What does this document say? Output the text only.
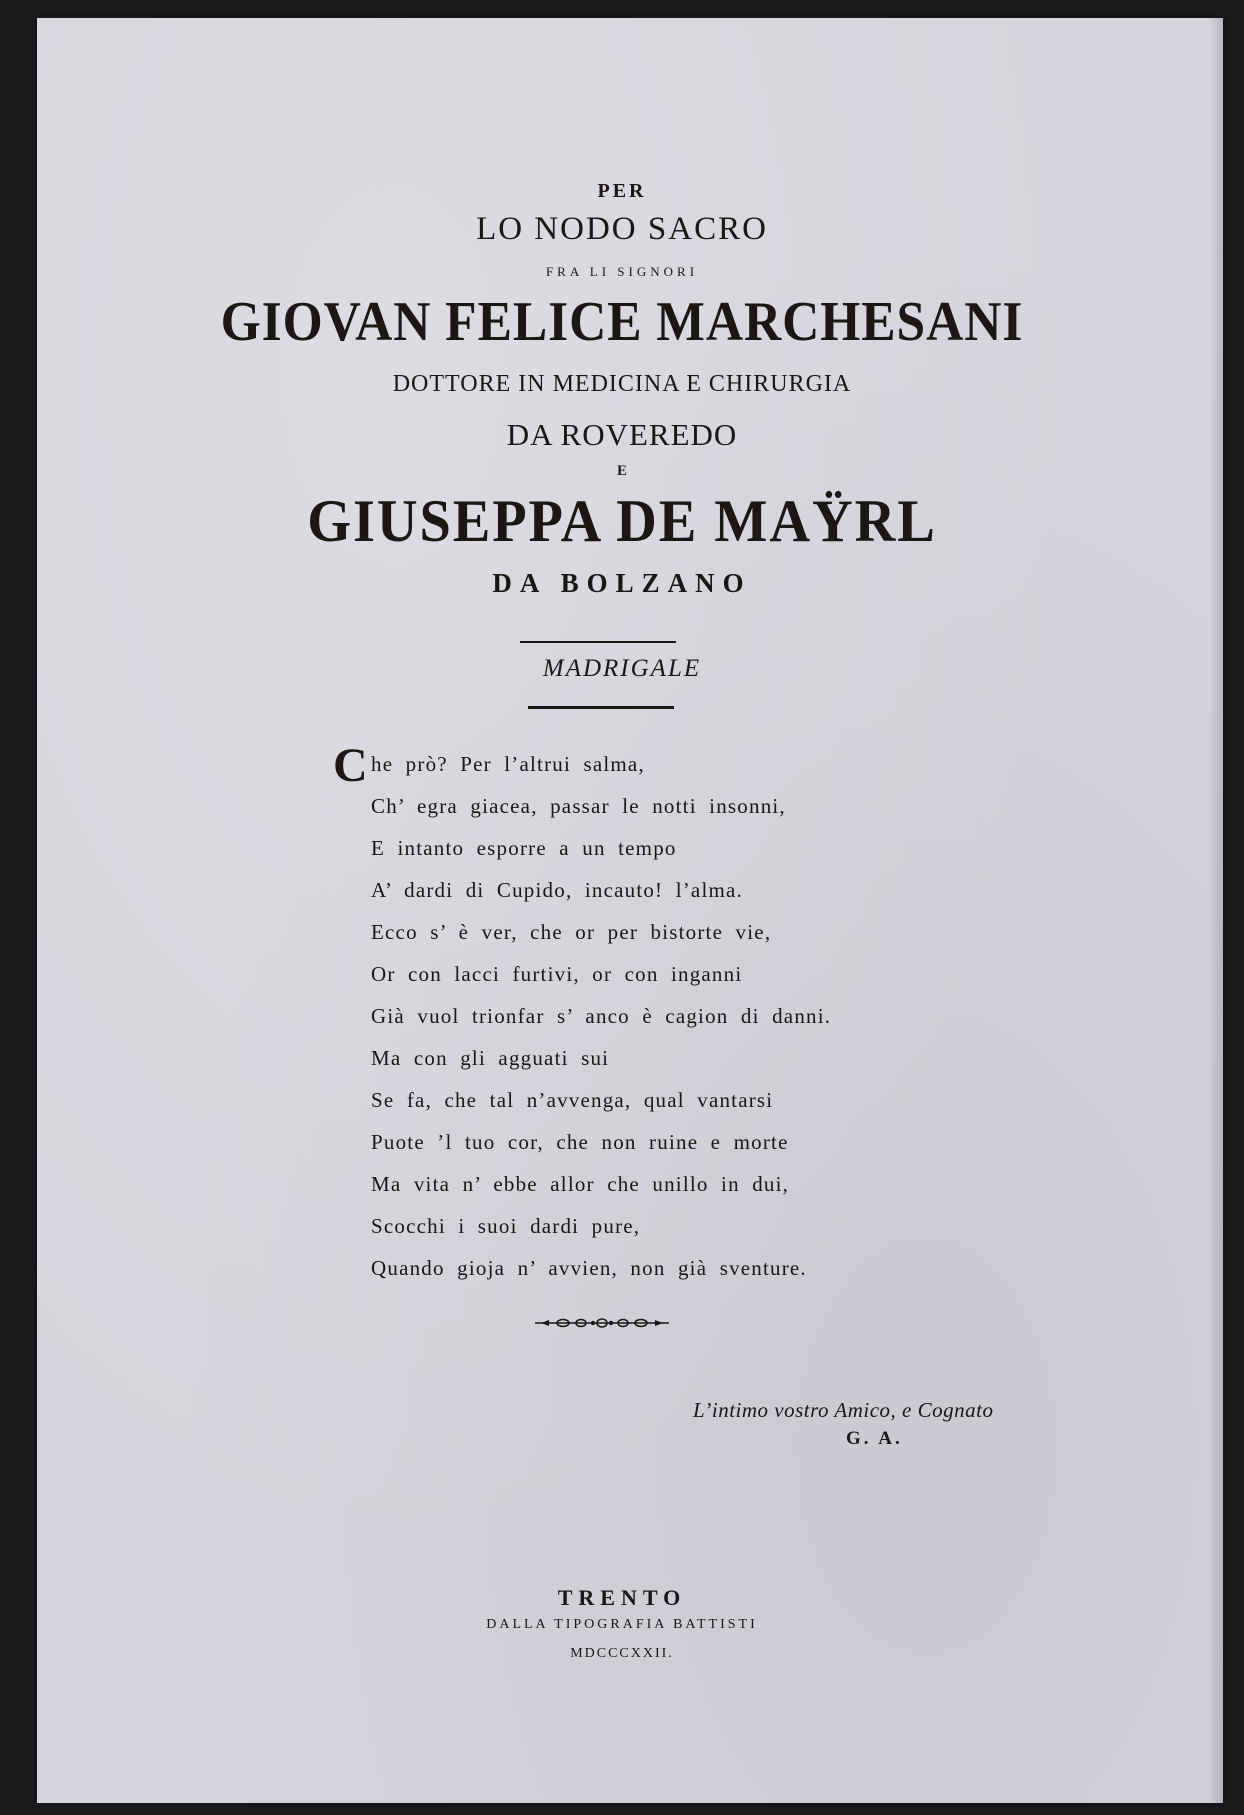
PER
LO NODO SACRO
FRA LI SIGNORI
GIOVAN FELICE MARCHESANI
DOTTORE IN MEDICINA E CHIRURGIA
DA ROVEREDO
E
GIUSEPPA DE MAŸRL
DA BOLZANO
MADRIGALE
C he prò? Per l’altrui salma,
Ch’ egra giacea, passar le notti insonni,
E intanto esporre a un tempo
A’ dardi di Cupido, incauto! l’alma.
Ecco s’ è ver, che or per bistorte vie,
Or con lacci furtivi, or con inganni
Già vuol trionfar s’ anco è cagion di danni.
Ma con gli agguati sui
Se fa, che tal n’avvenga, qual vantarsi
Puote ’l tuo cor, che non ruine e morte
Ma vita n’ ebbe allor che unillo in dui,
Scocchi i suoi dardi pure,
Quando gioja n’ avvien, non già sventure.
L’intimo vostro Amico, e Cognato
G. A.
TRENTO
DALLA TIPOGRAFIA BATTISTI
MDCCCXXII.
